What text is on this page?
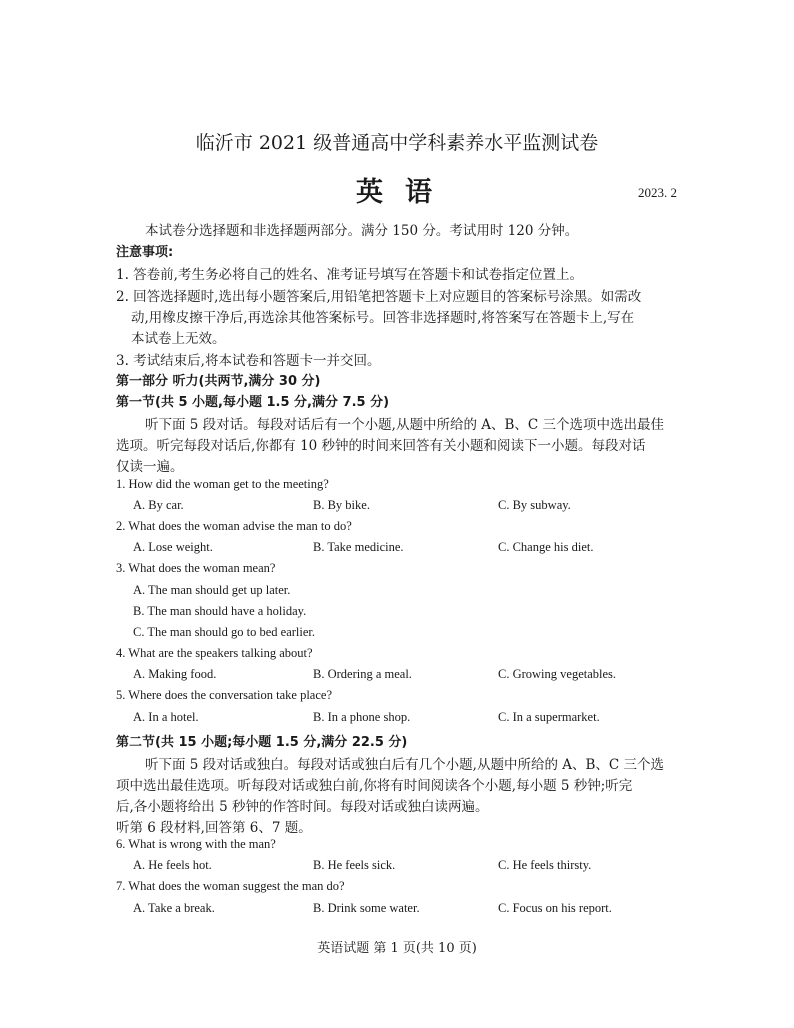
临沂市 2021 级普通高中学科素养水平监测试卷
英语	2023. 2
本试卷分选择题和非选择题两部分。满分 150 分。考试用时 120 分钟。
注意事项:
1. 答卷前,考生务必将自己的姓名、准考证号填写在答题卡和试卷指定位置上。
2. 回答选择题时,选出每小题答案后,用铅笔把答题卡上对应题目的答案标号涂黑。如需改
动,用橡皮擦干净后,再选涂其他答案标号。回答非选择题时,将答案写在答题卡上,写在
本试卷上无效。
3. 考试结束后,将本试卷和答题卡一并交回。
第一部分 听力(共两节,满分 30 分)
第一节(共 5 小题,每小题 1.5 分,满分 7.5 分)
听下面 5 段对话。每段对话后有一个小题,从题中所给的 A、B、C 三个选项中选出最佳
选项。听完每段对话后,你都有 10 秒钟的时间来回答有关小题和阅读下一小题。每段对话
仅读一遍。
1. How did the woman get to the meeting?
A. By car.	B. By bike.	C. By subway.
2. What does the woman advise the man to do?
A. Lose weight.	B. Take medicine.	C. Change his diet.
3. What does the woman mean?
A. The man should get up later.
B. The man should have a holiday.
C. The man should go to bed earlier.
4. What are the speakers talking about?
A. Making food.	B. Ordering a meal.	C. Growing vegetables.
5. Where does the conversation take place?
A. In a hotel.	B. In a phone shop.	C. In a supermarket.
第二节(共 15 小题;每小题 1.5 分,满分 22.5 分)
听下面 5 段对话或独白。每段对话或独白后有几个小题,从题中所给的 A、B、C 三个选
项中选出最佳选项。听每段对话或独白前,你将有时间阅读各个小题,每小题 5 秒钟;听完
后,各小题将给出 5 秒钟的作答时间。每段对话或独白读两遍。
听第 6 段材料,回答第 6、7 题。
6. What is wrong with the man?
A. He feels hot.	B. He feels sick.	C. He feels thirsty.
7. What does the woman suggest the man do?
A. Take a break.	B. Drink some water.	C. Focus on his report.
英语试题 第 1 页(共 10 页)
